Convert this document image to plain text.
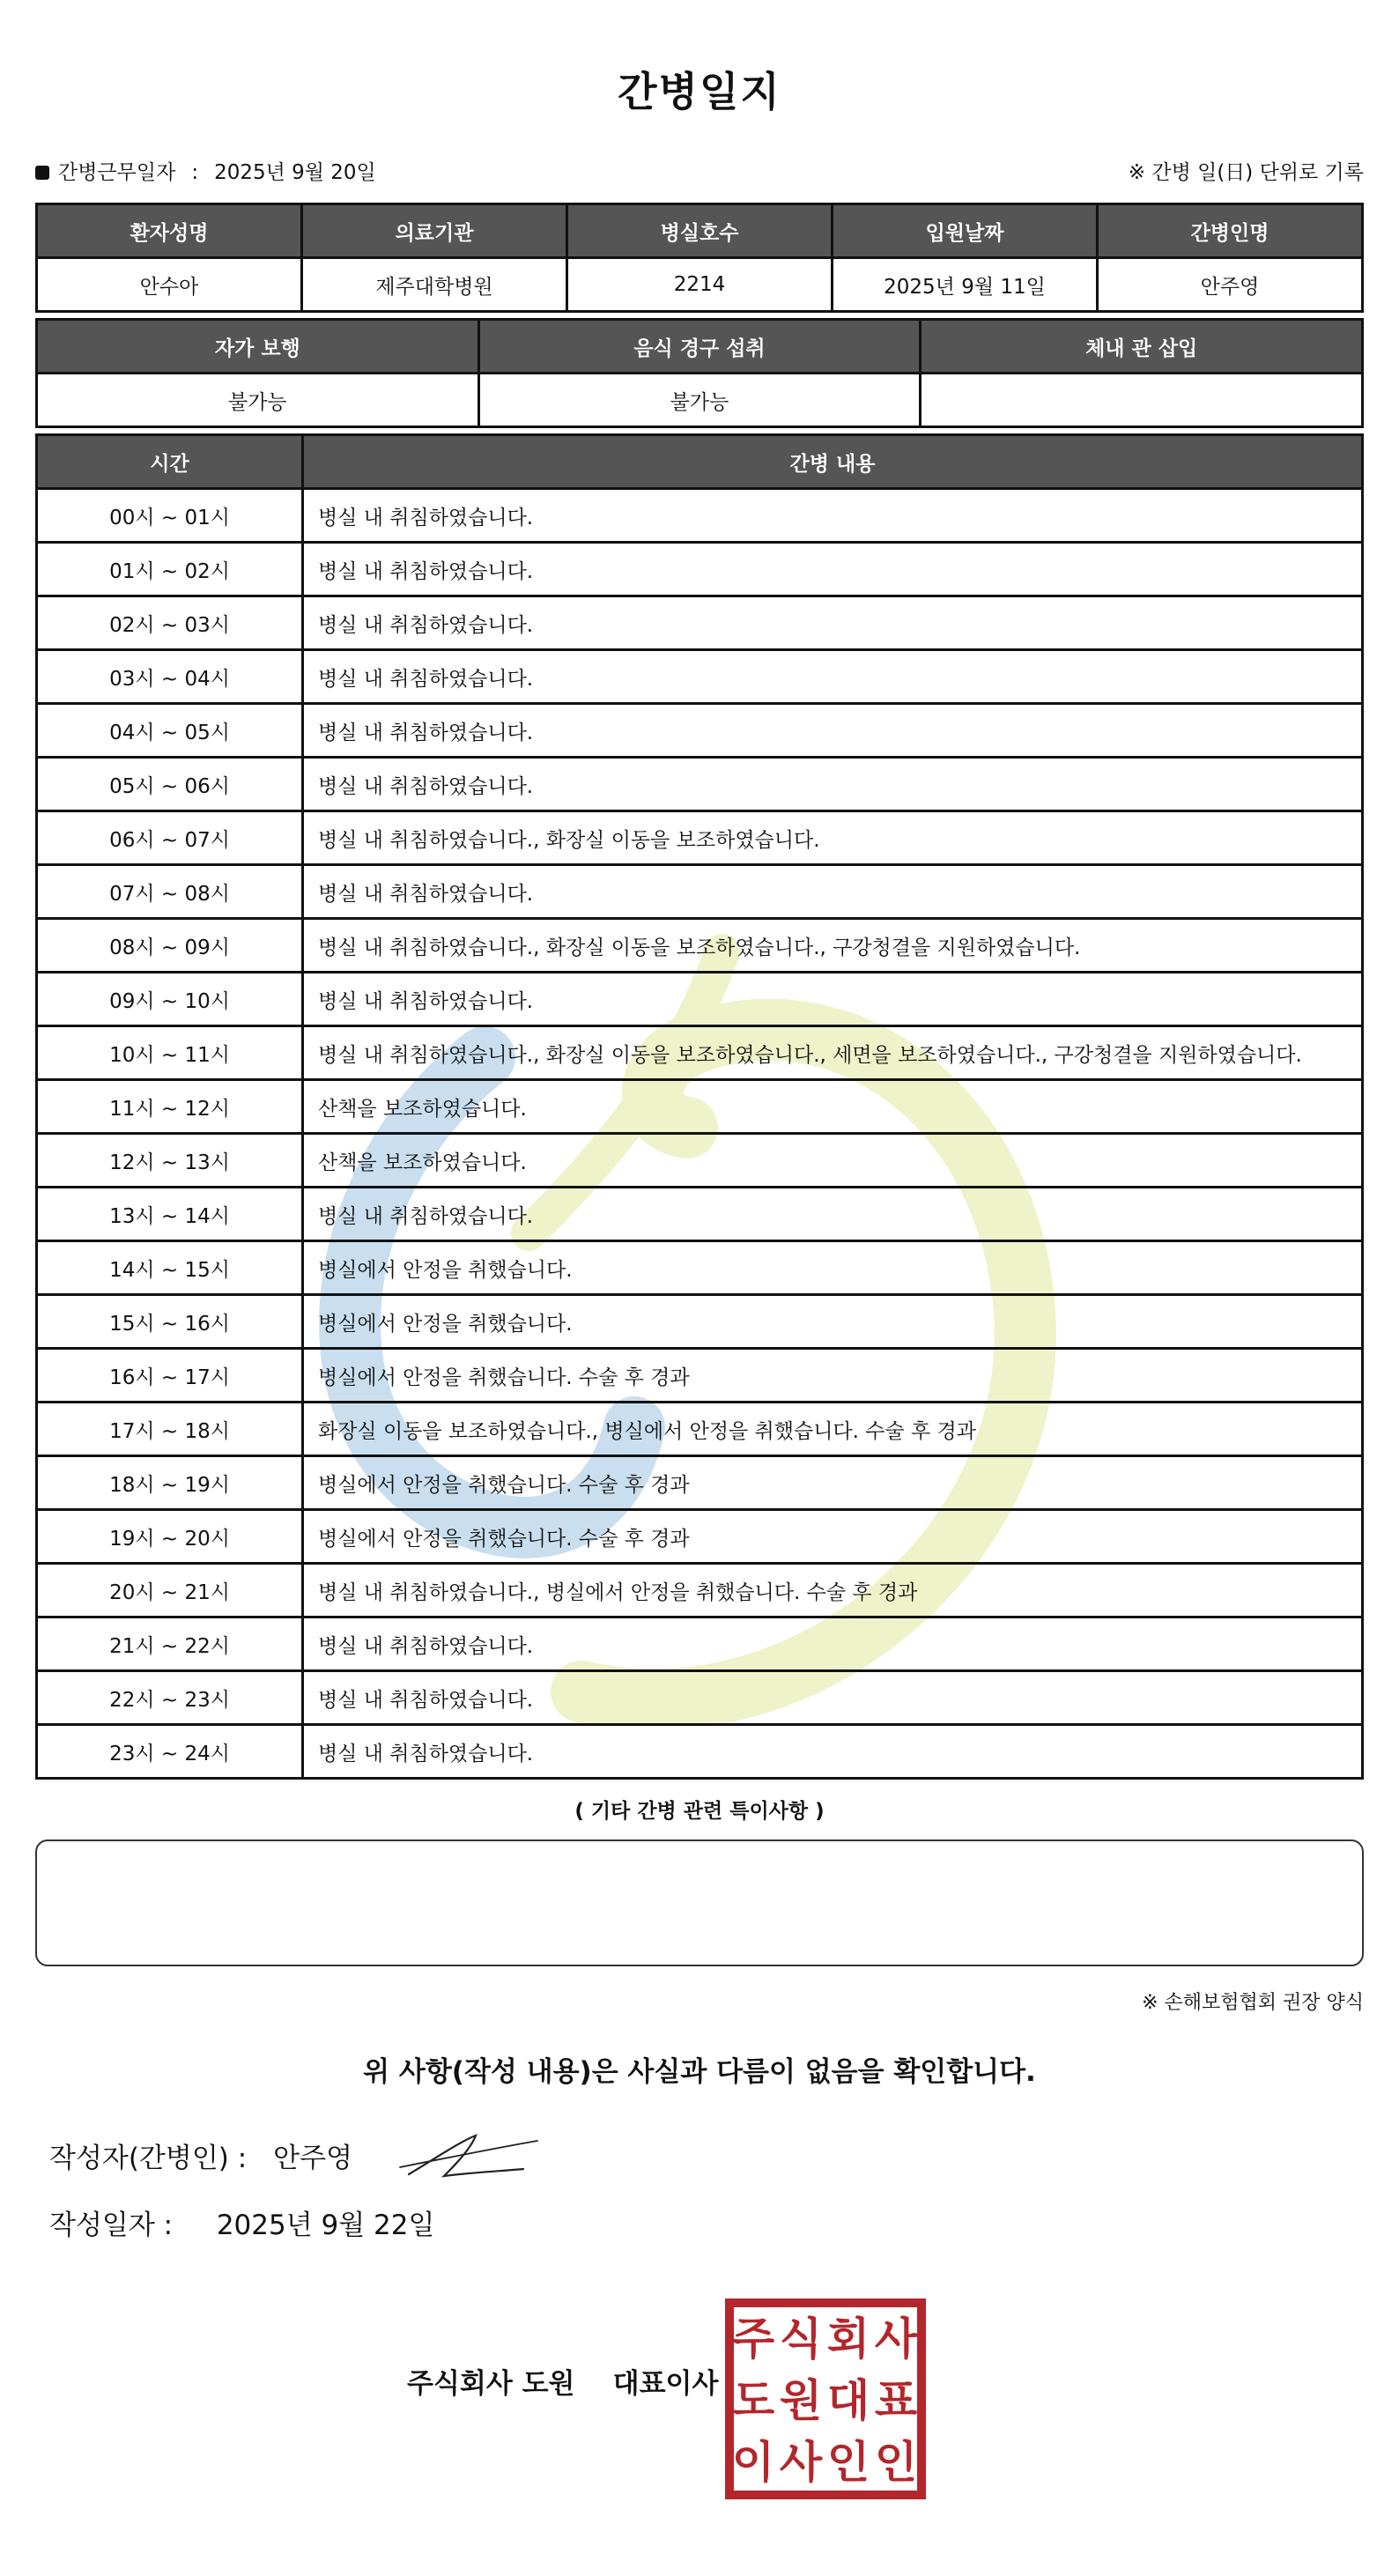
간병일지
간병근무일자 : 2025년 9월 20일	※ 간병 일(日) 단위로 기록
환자성명	의료기관	병실호수	입원날짜	간병인명
안수아	제주대학병원	2214	2025년 9월 11일	안주영
자가 보행	음식 경구 섭취	체내 관 삽입
불가능	불가능	
시간	간병 내용
00시 ~ 01시	병실 내 취침하였습니다.
01시 ~ 02시	병실 내 취침하였습니다.
02시 ~ 03시	병실 내 취침하였습니다.
03시 ~ 04시	병실 내 취침하였습니다.
04시 ~ 05시	병실 내 취침하였습니다.
05시 ~ 06시	병실 내 취침하였습니다.
06시 ~ 07시	병실 내 취침하였습니다., 화장실 이동을 보조하였습니다.
07시 ~ 08시	병실 내 취침하였습니다.
08시 ~ 09시	병실 내 취침하였습니다., 화장실 이동을 보조하였습니다., 구강청결을 지원하였습니다.
09시 ~ 10시	병실 내 취침하였습니다.
10시 ~ 11시	병실 내 취침하였습니다., 화장실 이동을 보조하였습니다., 세면을 보조하였습니다., 구강청결을 지원하였습니다.
11시 ~ 12시	산책을 보조하였습니다.
12시 ~ 13시	산책을 보조하였습니다.
13시 ~ 14시	병실 내 취침하였습니다.
14시 ~ 15시	병실에서 안정을 취했습니다.
15시 ~ 16시	병실에서 안정을 취했습니다.
16시 ~ 17시	병실에서 안정을 취했습니다. 수술 후 경과
17시 ~ 18시	화장실 이동을 보조하였습니다., 병실에서 안정을 취했습니다. 수술 후 경과
18시 ~ 19시	병실에서 안정을 취했습니다. 수술 후 경과
19시 ~ 20시	병실에서 안정을 취했습니다. 수술 후 경과
20시 ~ 21시	병실 내 취침하였습니다., 병실에서 안정을 취했습니다. 수술 후 경과
21시 ~ 22시	병실 내 취침하였습니다.
22시 ~ 23시	병실 내 취침하였습니다.
23시 ~ 24시	병실 내 취침하였습니다.
( 기타 간병 관련 특이사항 )
※ 손해보험협회 권장 양식
위 사항(작성 내용)은 사실과 다름이 없음을 확인합니다.
작성자(간병인) : 안주영
작성일자 : 2025년 9월 22일
주식회사 도원    대표이사
주 식 회 사
도 원 대 표
이 사 인 인
